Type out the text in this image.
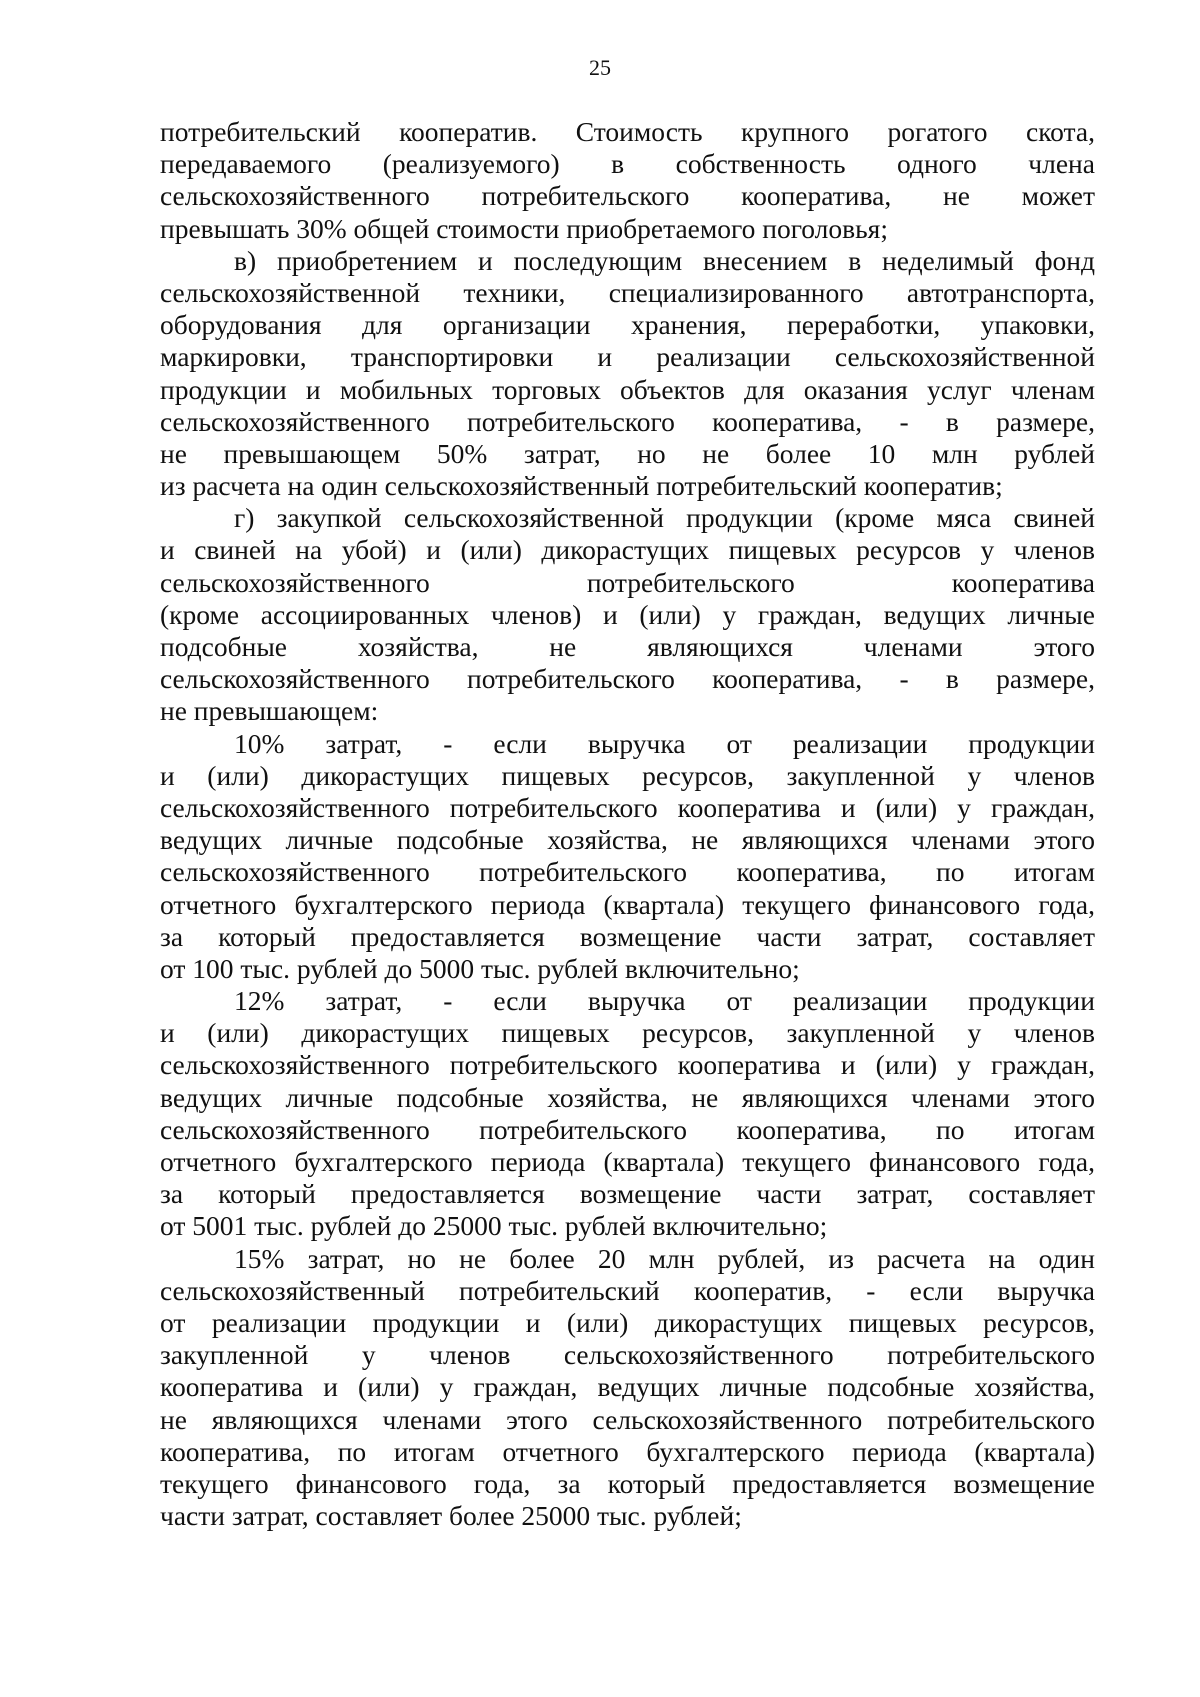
25
потребительский кооператив. Стоимость крупного рогатого скота,
передаваемого (реализуемого) в собственность одного члена
сельскохозяйственного потребительского кооператива, не может
превышать 30% общей стоимости приобретаемого поголовья;
в) приобретением и последующим внесением в неделимый фонд
сельскохозяйственной техники, специализированного автотранспорта,
оборудования для организации хранения, переработки, упаковки,
маркировки, транспортировки и реализации сельскохозяйственной
продукции и мобильных торговых объектов для оказания услуг членам
сельскохозяйственного потребительского кооператива, - в размере,
не превышающем 50% затрат, но не более 10 млн рублей
из расчета на один сельскохозяйственный потребительский кооператив;
г) закупкой сельскохозяйственной продукции (кроме мяса свиней
и свиней на убой) и (или) дикорастущих пищевых ресурсов у членов
сельскохозяйственного потребительского кооператива
(кроме ассоциированных членов) и (или) у граждан, ведущих личные
подсобные хозяйства, не являющихся членами этого
сельскохозяйственного потребительского кооператива, - в размере,
не превышающем:
10% затрат, - если выручка от реализации продукции
и (или) дикорастущих пищевых ресурсов, закупленной у членов
сельскохозяйственного потребительского кооператива и (или) у граждан,
ведущих личные подсобные хозяйства, не являющихся членами этого
сельскохозяйственного потребительского кооператива, по итогам
отчетного бухгалтерского периода (квартала) текущего финансового года,
за который предоставляется возмещение части затрат, составляет
от 100 тыс. рублей до 5000 тыс. рублей включительно;
12% затрат, - если выручка от реализации продукции
и (или) дикорастущих пищевых ресурсов, закупленной у членов
сельскохозяйственного потребительского кооператива и (или) у граждан,
ведущих личные подсобные хозяйства, не являющихся членами этого
сельскохозяйственного потребительского кооператива, по итогам
отчетного бухгалтерского периода (квартала) текущего финансового года,
за который предоставляется возмещение части затрат, составляет
от 5001 тыс. рублей до 25000 тыс. рублей включительно;
15% затрат, но не более 20 млн рублей, из расчета на один
сельскохозяйственный потребительский кооператив, - если выручка
от реализации продукции и (или) дикорастущих пищевых ресурсов,
закупленной у членов сельскохозяйственного потребительского
кооператива и (или) у граждан, ведущих личные подсобные хозяйства,
не являющихся членами этого сельскохозяйственного потребительского
кооператива, по итогам отчетного бухгалтерского периода (квартала)
текущего финансового года, за который предоставляется возмещение
части затрат, составляет более 25000 тыс. рублей;
